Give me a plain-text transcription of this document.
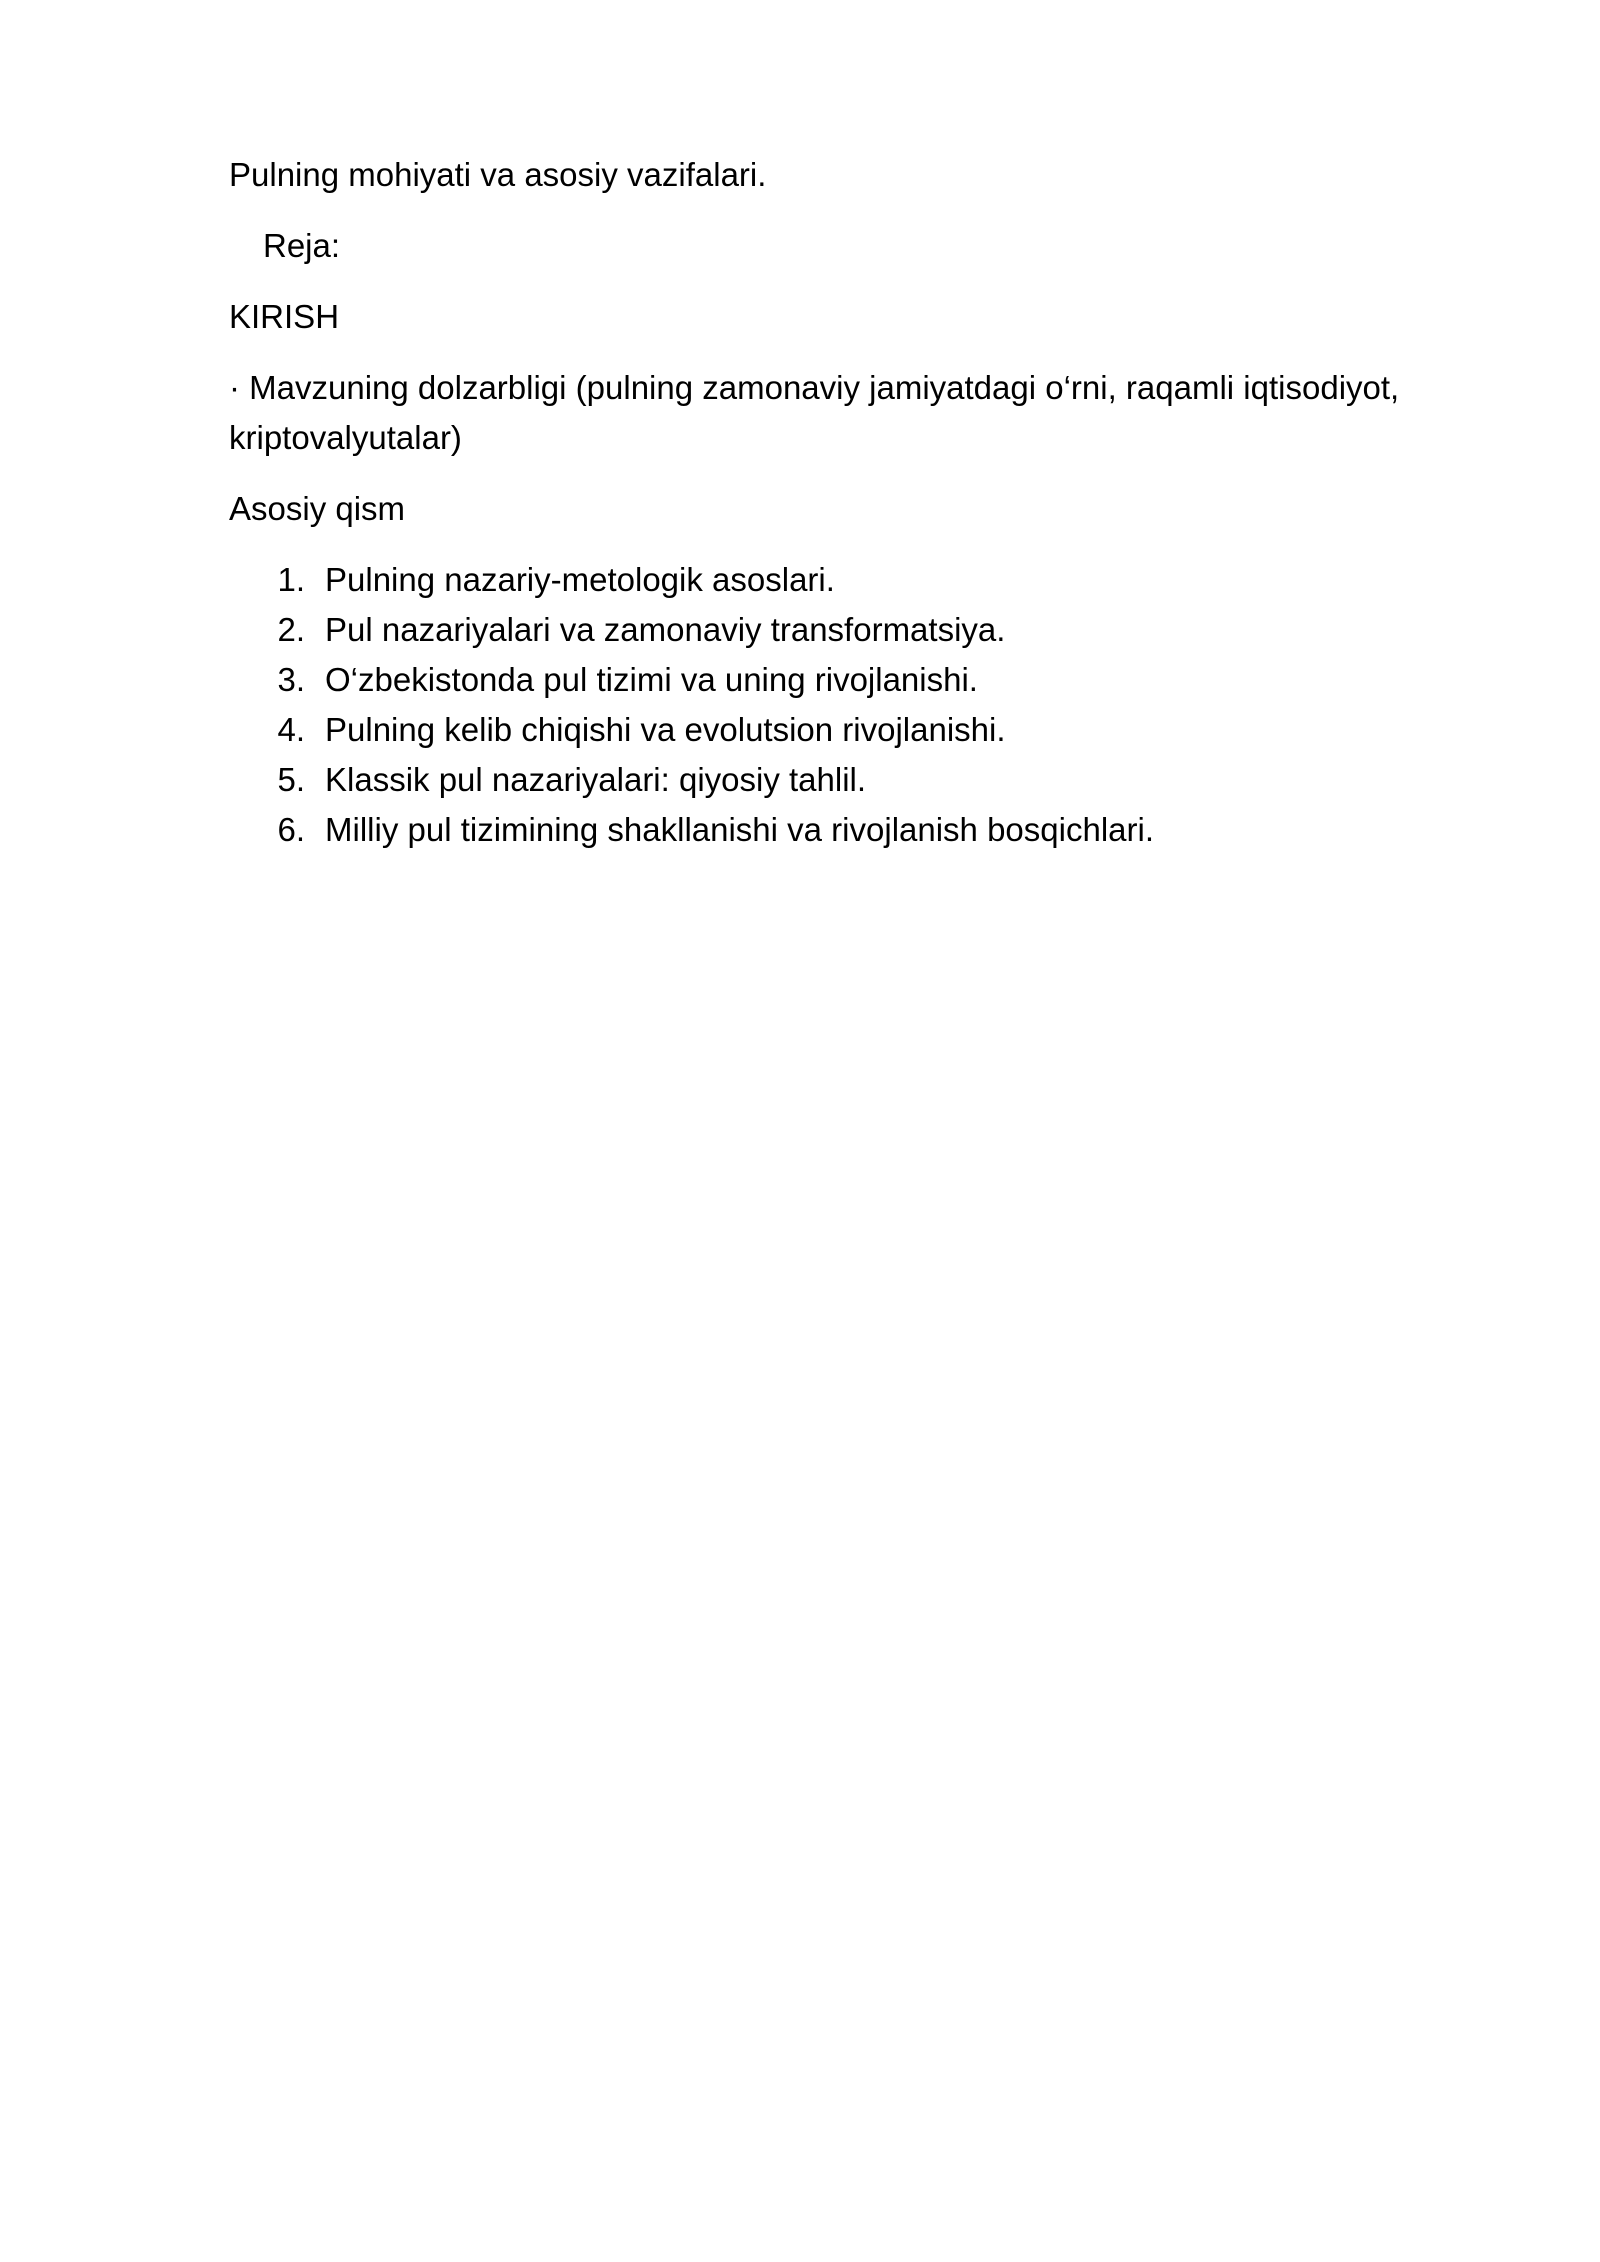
Pulning mohiyati va asosiy vazifalari.

Reja:

KIRISH

· Mavzuning dolzarbligi (pulning zamonaviy jamiyatdagi o‘rni, raqamli iqtisodiyot, kriptovalyutalar)

Asosiy qism

1. Pulning nazariy-metologik asoslari.
2. Pul nazariyalari va zamonaviy transformatsiya.
3. O‘zbekistonda pul tizimi va uning rivojlanishi.
4. Pulning kelib chiqishi va evolutsion rivojlanishi.
5. Klassik pul nazariyalari: qiyosiy tahlil.
6. Milliy pul tizimining shakllanishi va rivojlanish bosqichlari.
